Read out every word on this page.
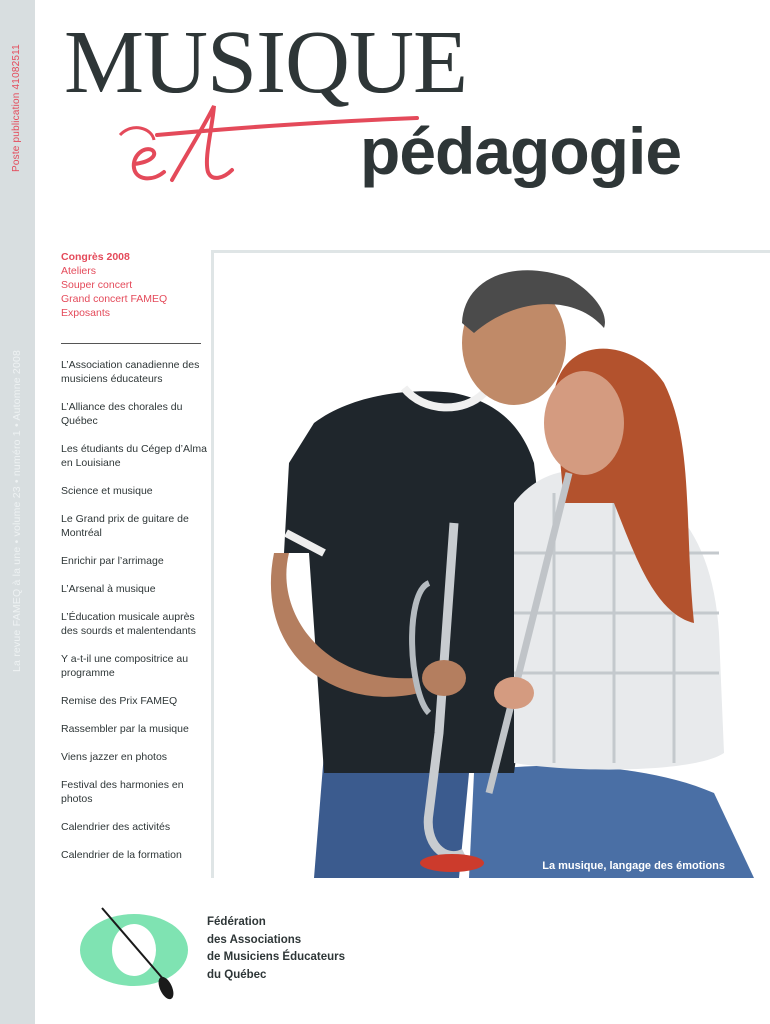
La revue FAMEQ à la une • volume 23 • numéro 1 • Automne 2008
Poste publication 41082511 MUSIQUE
pédagogie
Congrès 2008
Ateliers
Souper concert
Grand concert FAMEQ
Exposants
L’Association canadienne des musiciens éducateurs
L’Alliance des chorales du Québec
Les étudiants du Cégep d’Alma en Louisiane
Science et musique
Le Grand prix de guitare de Montréal
Enrichir par l’arrimage
L’Arsenal à musique
L’Éducation musicale auprès des sourds et malentendants
Y a-t-il une compositrice au programme
Remise des Prix FAMEQ
Rassembler par la musique
Viens jazzer en photos
Festival des harmonies en photos
Calendrier des activités
Calendrier de la formation
La musique, langage des émotions
Fédération
des Associations
de Musiciens Éducateurs
du Québec
